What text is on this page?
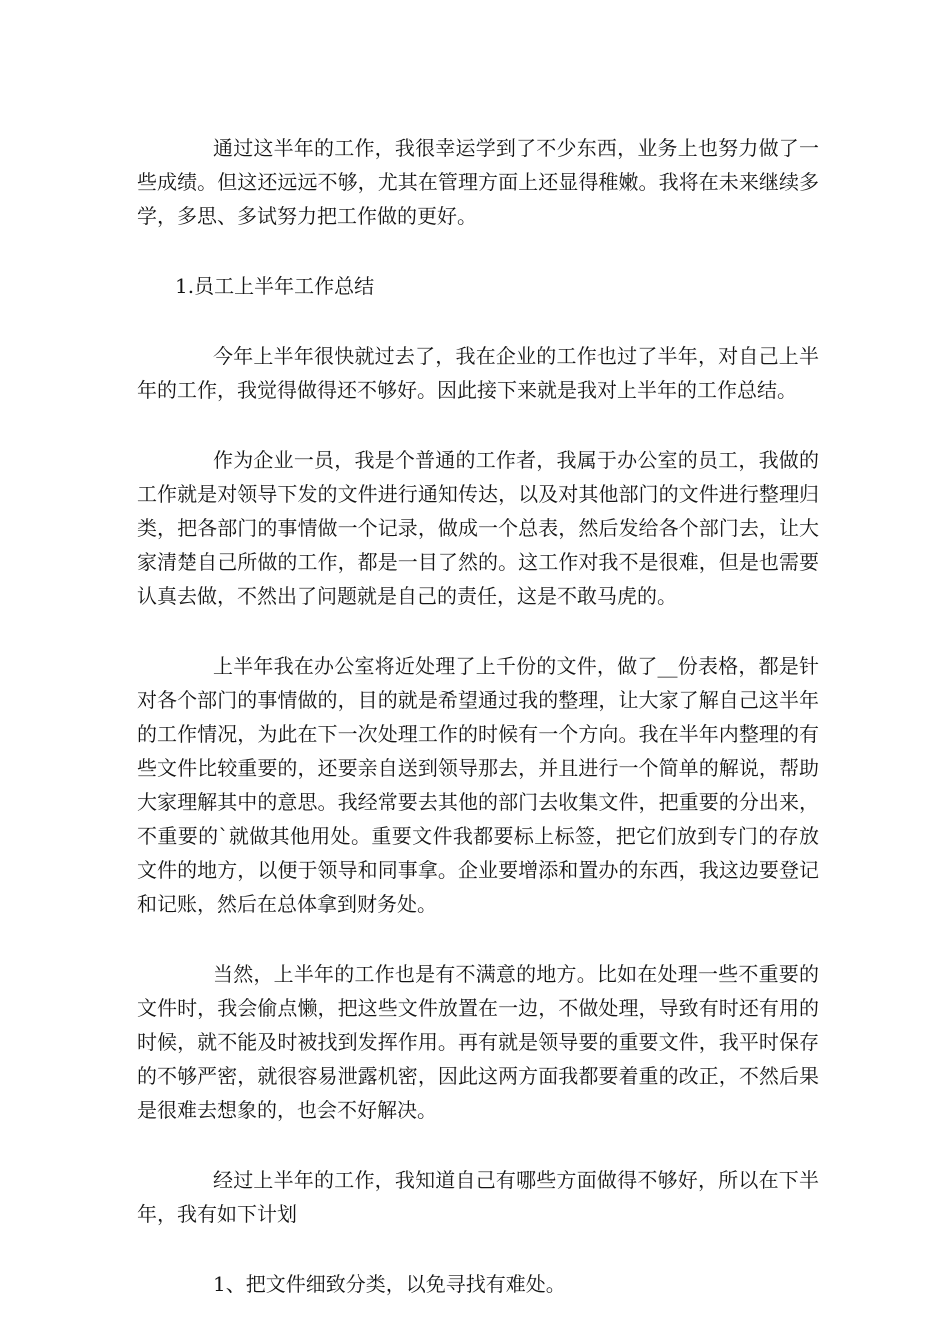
通过这半年的工作，我很幸运学到了不少东西，业务上也努力做了一些成绩。但这还远远不够，尤其在管理方面上还显得稚嫩。我将在未来继续多学，多思、多试努力把工作做的更好。

1.员工上半年工作总结

今年上半年很快就过去了，我在企业的工作也过了半年，对自己上半年的工作，我觉得做得还不够好。因此接下来就是我对上半年的工作总结。

作为企业一员，我是个普通的工作者，我属于办公室的员工，我做的工作就是对领导下发的文件进行通知传达，以及对其他部门的文件进行整理归类，把各部门的事情做一个记录，做成一个总表，然后发给各个部门去，让大家清楚自己所做的工作，都是一目了然的。这工作对我不是很难，但是也需要认真去做，不然出了问题就是自己的责任，这是不敢马虎的。

上半年我在办公室将近处理了上千份的文件，做了__份表格，都是针对各个部门的事情做的，目的就是希望通过我的整理，让大家了解自己这半年的工作情况，为此在下一次处理工作的时候有一个方向。我在半年内整理的有些文件比较重要的，还要亲自送到领导那去，并且进行一个简单的解说，帮助大家理解其中的意思。我经常要去其他的部门去收集文件，把重要的分出来，不重要的`就做其他用处。重要文件我都要标上标签，把它们放到专门的存放文件的地方，以便于领导和同事拿。企业要增添和置办的东西，我这边要登记和记账，然后在总体拿到财务处。

当然，上半年的工作也是有不满意的地方。比如在处理一些不重要的文件时，我会偷点懒，把这些文件放置在一边，不做处理，导致有时还有用的时候，就不能及时被找到发挥作用。再有就是领导要的重要文件，我平时保存的不够严密，就很容易泄露机密，因此这两方面我都要着重的改正，不然后果是很难去想象的，也会不好解决。

经过上半年的工作，我知道自己有哪些方面做得不够好，所以在下半年，我有如下计划

1、把文件细致分类，以免寻找有难处。
